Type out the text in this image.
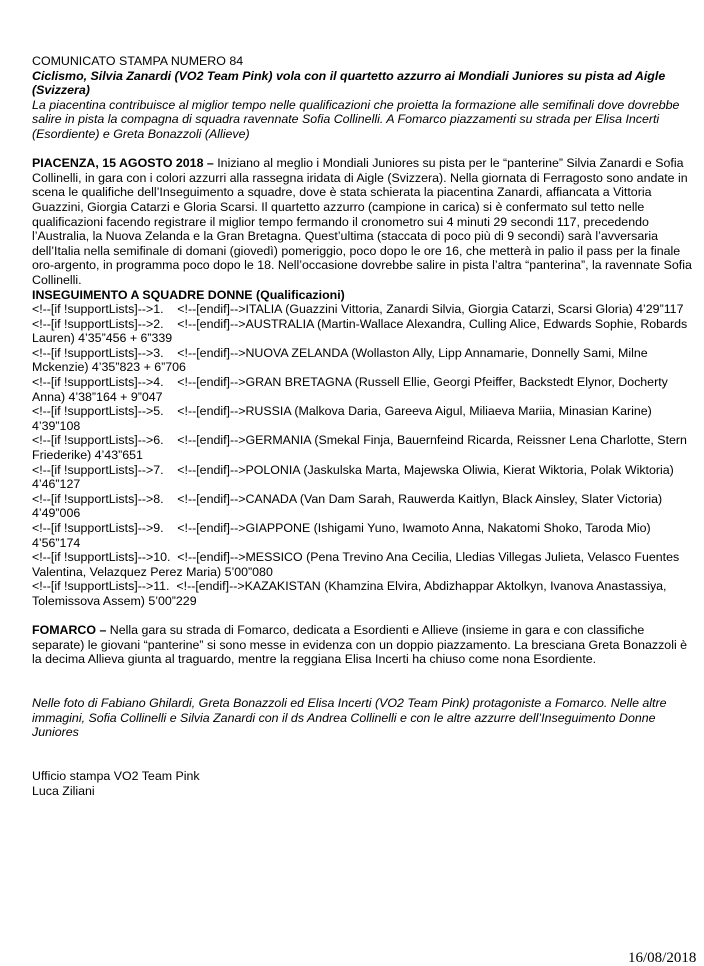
COMUNICATO STAMPA NUMERO 84

Ciclismo, Silvia Zanardi (VO2 Team Pink) vola con il quartetto azzurro ai Mondiali Juniores su pista ad Aigle (Svizzera)

La piacentina contribuisce al miglior tempo nelle qualificazioni che proietta la formazione alle semifinali dove dovrebbe salire in pista la compagna di squadra ravennate Sofia Collinelli. A Fomarco piazzamenti su strada per Elisa Incerti (Esordiente) e Greta Bonazzoli (Allieve)

PIACENZA, 15 AGOSTO 2018 – Iniziano al meglio i Mondiali Juniores su pista per le “panterine” Silvia Zanardi e Sofia Collinelli, in gara con i colori azzurri alla rassegna iridata di Aigle (Svizzera). Nella giornata di Ferragosto sono andate in scena le qualifiche dell’Inseguimento a squadre, dove è stata schierata la piacentina Zanardi, affiancata a Vittoria Guazzini, Giorgia Catarzi e Gloria Scarsi. Il quartetto azzurro (campione in carica) si è confermato sul tetto nelle qualificazioni facendo registrare il miglior tempo fermando il cronometro sui 4 minuti 29 secondi 117, precedendo l’Australia, la Nuova Zelanda e la Gran Bretagna. Quest’ultima (staccata di poco più di 9 secondi) sarà l’avversaria dell’Italia nella semifinale di domani (giovedì) pomeriggio, poco dopo le ore 16, che metterà in palio il pass per la finale oro-argento, in programma poco dopo le 18. Nell’occasione dovrebbe salire in pista l’altra “panterina”, la ravennate Sofia Collinelli.

INSEGUIMENTO A SQUADRE DONNE (Qualificazioni)

<!--[if !supportLists]-->1.    <!--[endif]-->ITALIA (Guazzini Vittoria, Zanardi Silvia, Giorgia Catarzi, Scarsi Gloria) 4’29”117
<!--[if !supportLists]-->2.    <!--[endif]-->AUSTRALIA (Martin-Wallace Alexandra, Culling Alice, Edwards Sophie, Robards Lauren) 4’35”456 + 6”339
<!--[if !supportLists]-->3.    <!--[endif]-->NUOVA ZELANDA (Wollaston Ally, Lipp Annamarie, Donnelly Sami, Milne Mckenzie) 4’35”823 + 6”706
<!--[if !supportLists]-->4.    <!--[endif]-->GRAN BRETAGNA (Russell Ellie, Georgi Pfeiffer, Backstedt Elynor, Docherty Anna) 4’38”164 + 9”047
<!--[if !supportLists]-->5.    <!--[endif]-->RUSSIA (Malkova Daria, Gareeva Aigul, Miliaeva Mariia, Minasian Karine) 4’39”108
<!--[if !supportLists]-->6.    <!--[endif]-->GERMANIA (Smekal Finja, Bauernfeind Ricarda, Reissner Lena Charlotte, Stern Friederike) 4’43”651
<!--[if !supportLists]-->7.    <!--[endif]-->POLONIA (Jaskulska Marta, Majewska Oliwia, Kierat Wiktoria, Polak Wiktoria) 4’46”127
<!--[if !supportLists]-->8.    <!--[endif]-->CANADA (Van Dam Sarah, Rauwerda Kaitlyn, Black Ainsley, Slater Victoria) 4’49”006
<!--[if !supportLists]-->9.    <!--[endif]-->GIAPPONE (Ishigami Yuno, Iwamoto Anna, Nakatomi Shoko, Taroda Mio) 4’56”174
<!--[if !supportLists]-->10.  <!--[endif]-->MESSICO (Pena Trevino Ana Cecilia, Lledias Villegas Julieta, Velasco Fuentes Valentina, Velazquez Perez Maria) 5’00”080
<!--[if !supportLists]-->11.  <!--[endif]-->KAZAKISTAN (Khamzina Elvira, Abdizhappar Aktolkyn, Ivanova Anastassiya, Tolemissova Assem) 5’00”229

FOMARCO – Nella gara su strada di Fomarco, dedicata a Esordienti e Allieve (insieme in gara e con classifiche separate) le giovani “panterine” si sono messe in evidenza con un doppio piazzamento. La bresciana Greta Bonazzoli è la decima Allieva giunta al traguardo, mentre la reggiana Elisa Incerti ha chiuso come nona Esordiente.

Nelle foto di Fabiano Ghilardi, Greta Bonazzoli ed Elisa Incerti (VO2 Team Pink) protagoniste a Fomarco. Nelle altre immagini, Sofia Collinelli e Silvia Zanardi con il ds Andrea Collinelli e con le altre azzurre dell’Inseguimento Donne Juniores

Ufficio stampa VO2 Team Pink

Luca Ziliani

16/08/2018
